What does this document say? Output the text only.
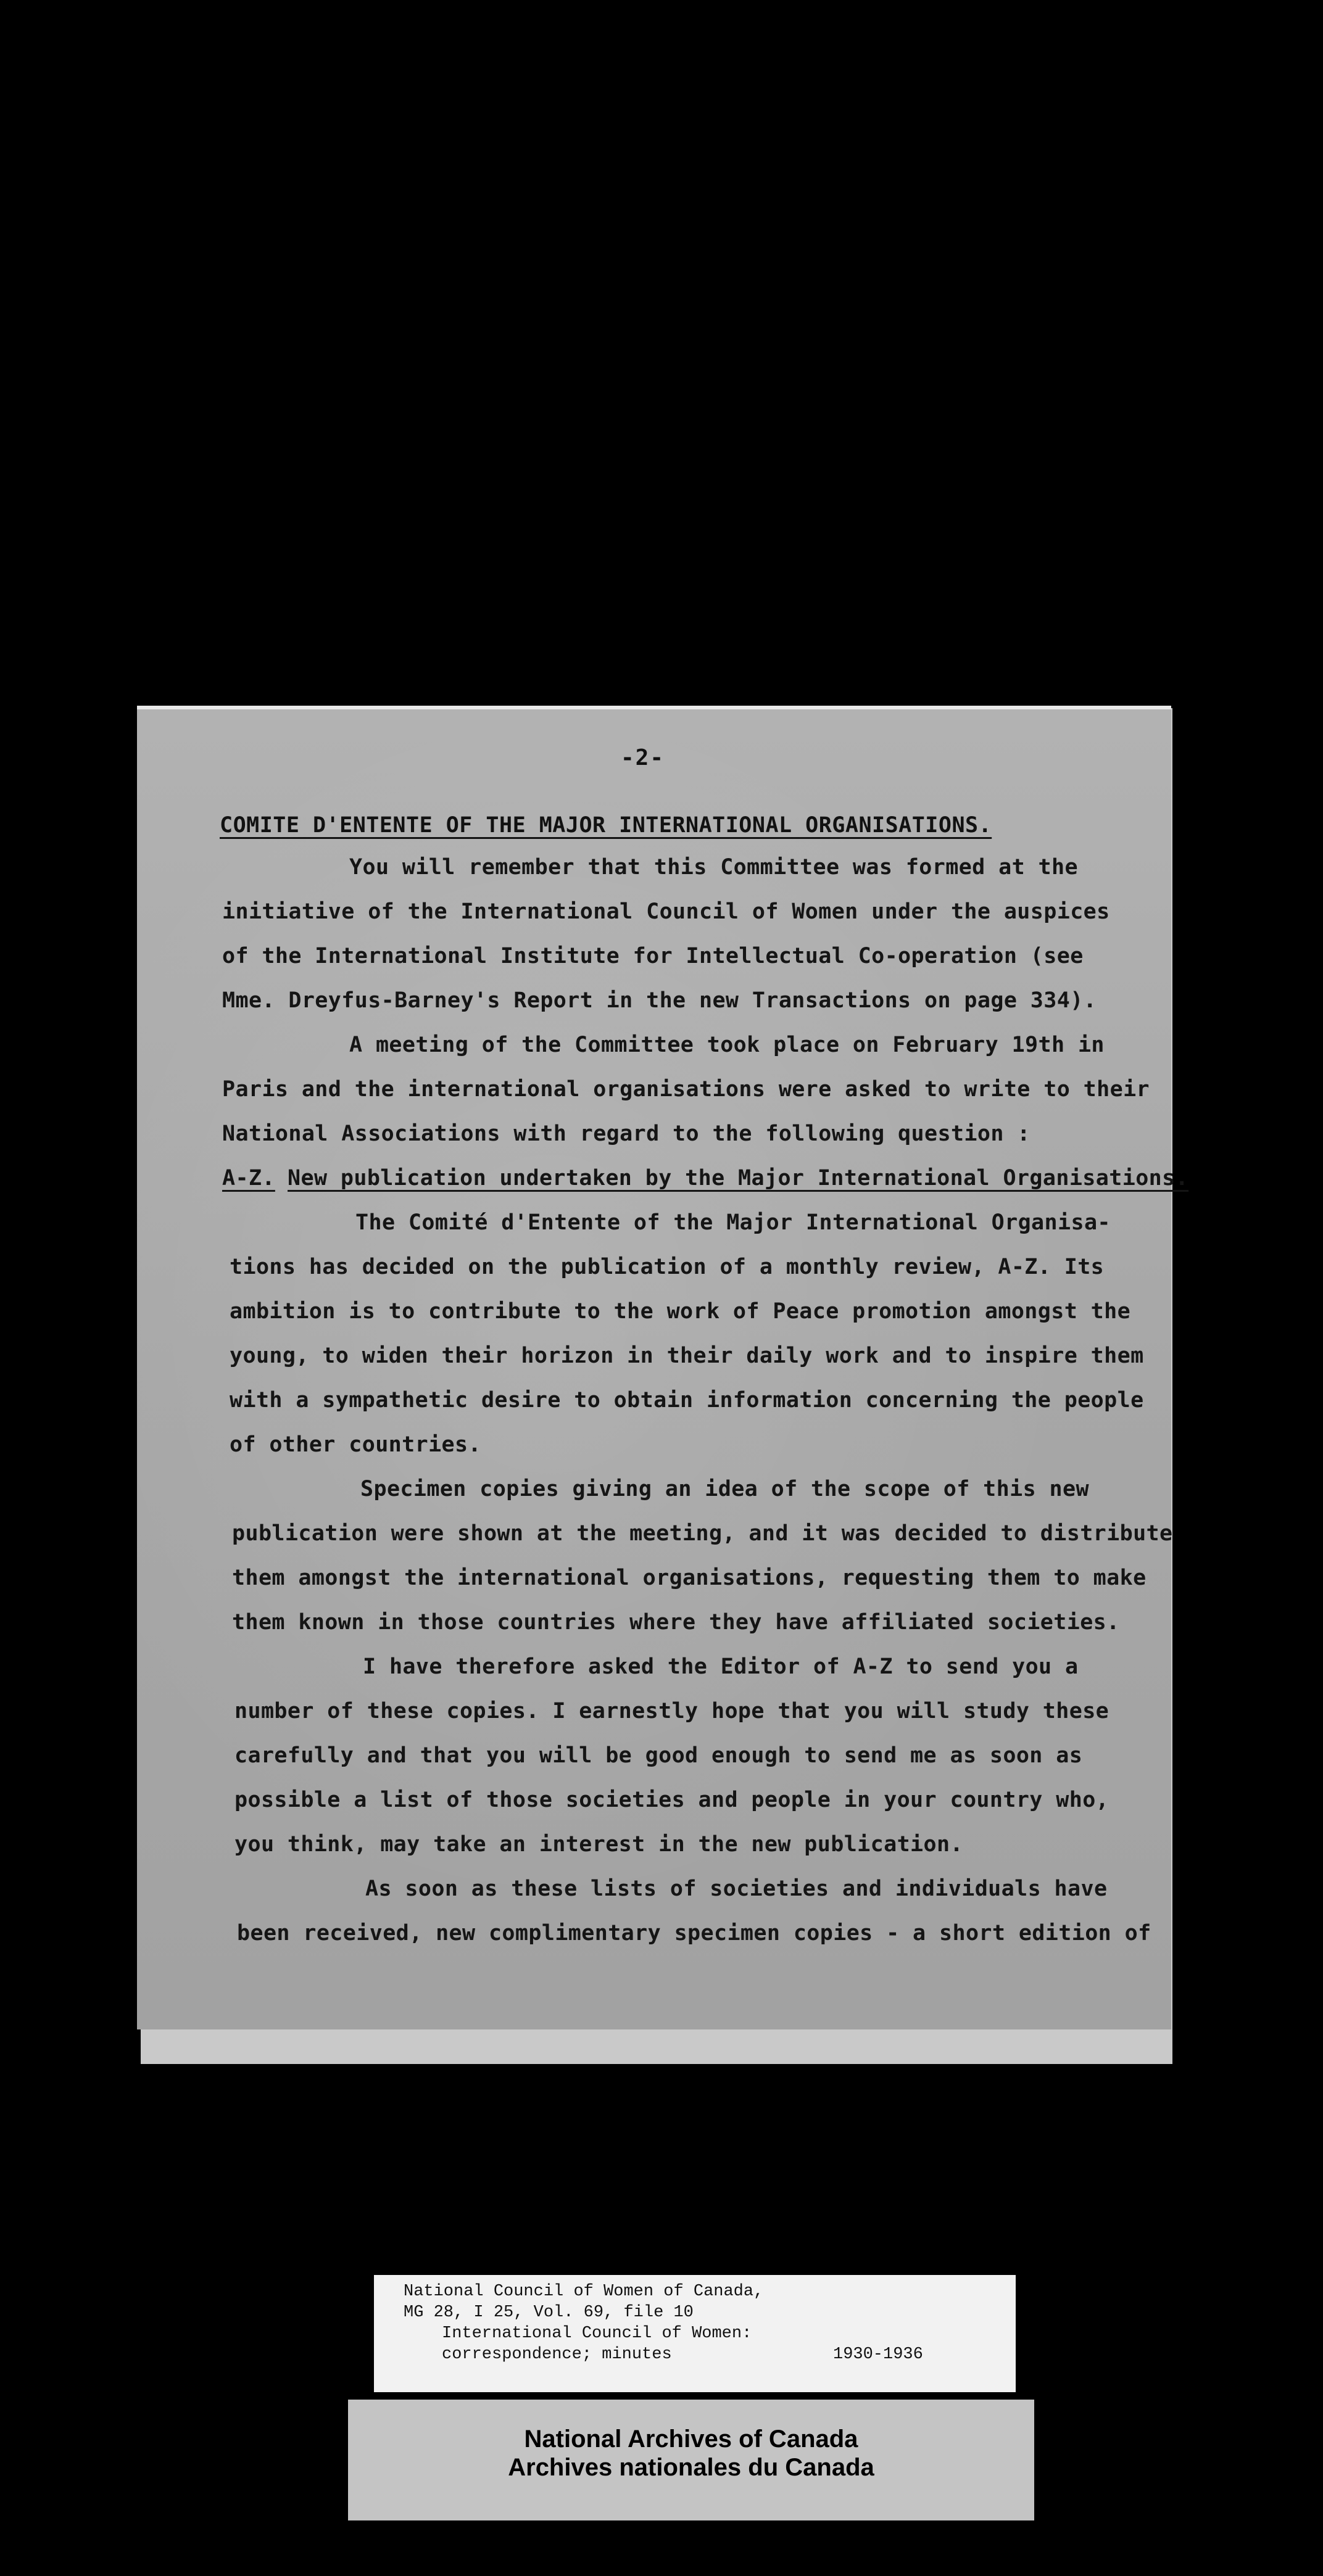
-2-
COMITE D'ENTENTE OF THE MAJOR INTERNATIONAL ORGANISATIONS.
You will remember that this Committee was formed at the
initiative of the International Council of Women under the auspices
of the International Institute for Intellectual Co-operation (see
Mme. Dreyfus-Barney's Report in the new Transactions on page 334).
A meeting of the Committee took place on February 19th in
Paris and the international organisations were asked to write to their
National Associations with regard to the following question :
A-Z. New publication undertaken by the Major International Organisations.
The Comité d'Entente of the Major International Organisa-
tions has decided on the publication of a monthly review, A-Z. Its
ambition is to contribute to the work of Peace promotion amongst the
young, to widen their horizon in their daily work and to inspire them
with a sympathetic desire to obtain information concerning the people
of other countries.
Specimen copies giving an idea of the scope of this new
publication were shown at the meeting, and it was decided to distribute
them amongst the international organisations, requesting them to make
them known in those countries where they have affiliated societies.
I have therefore asked the Editor of A-Z to send you a
number of these copies. I earnestly hope that you will study these
carefully and that you will be good enough to send me as soon as
possible a list of those societies and people in your country who,
you think, may take an interest in the new publication.
As soon as these lists of societies and individuals have
been received, new complimentary specimen copies - a short edition of
National Council of Women of Canada,
MG 28, I 25, Vol. 69, file 10
International Council of Women:
correspondence; minutes	1930-1936
National Archives of Canada
Archives nationales du Canada
